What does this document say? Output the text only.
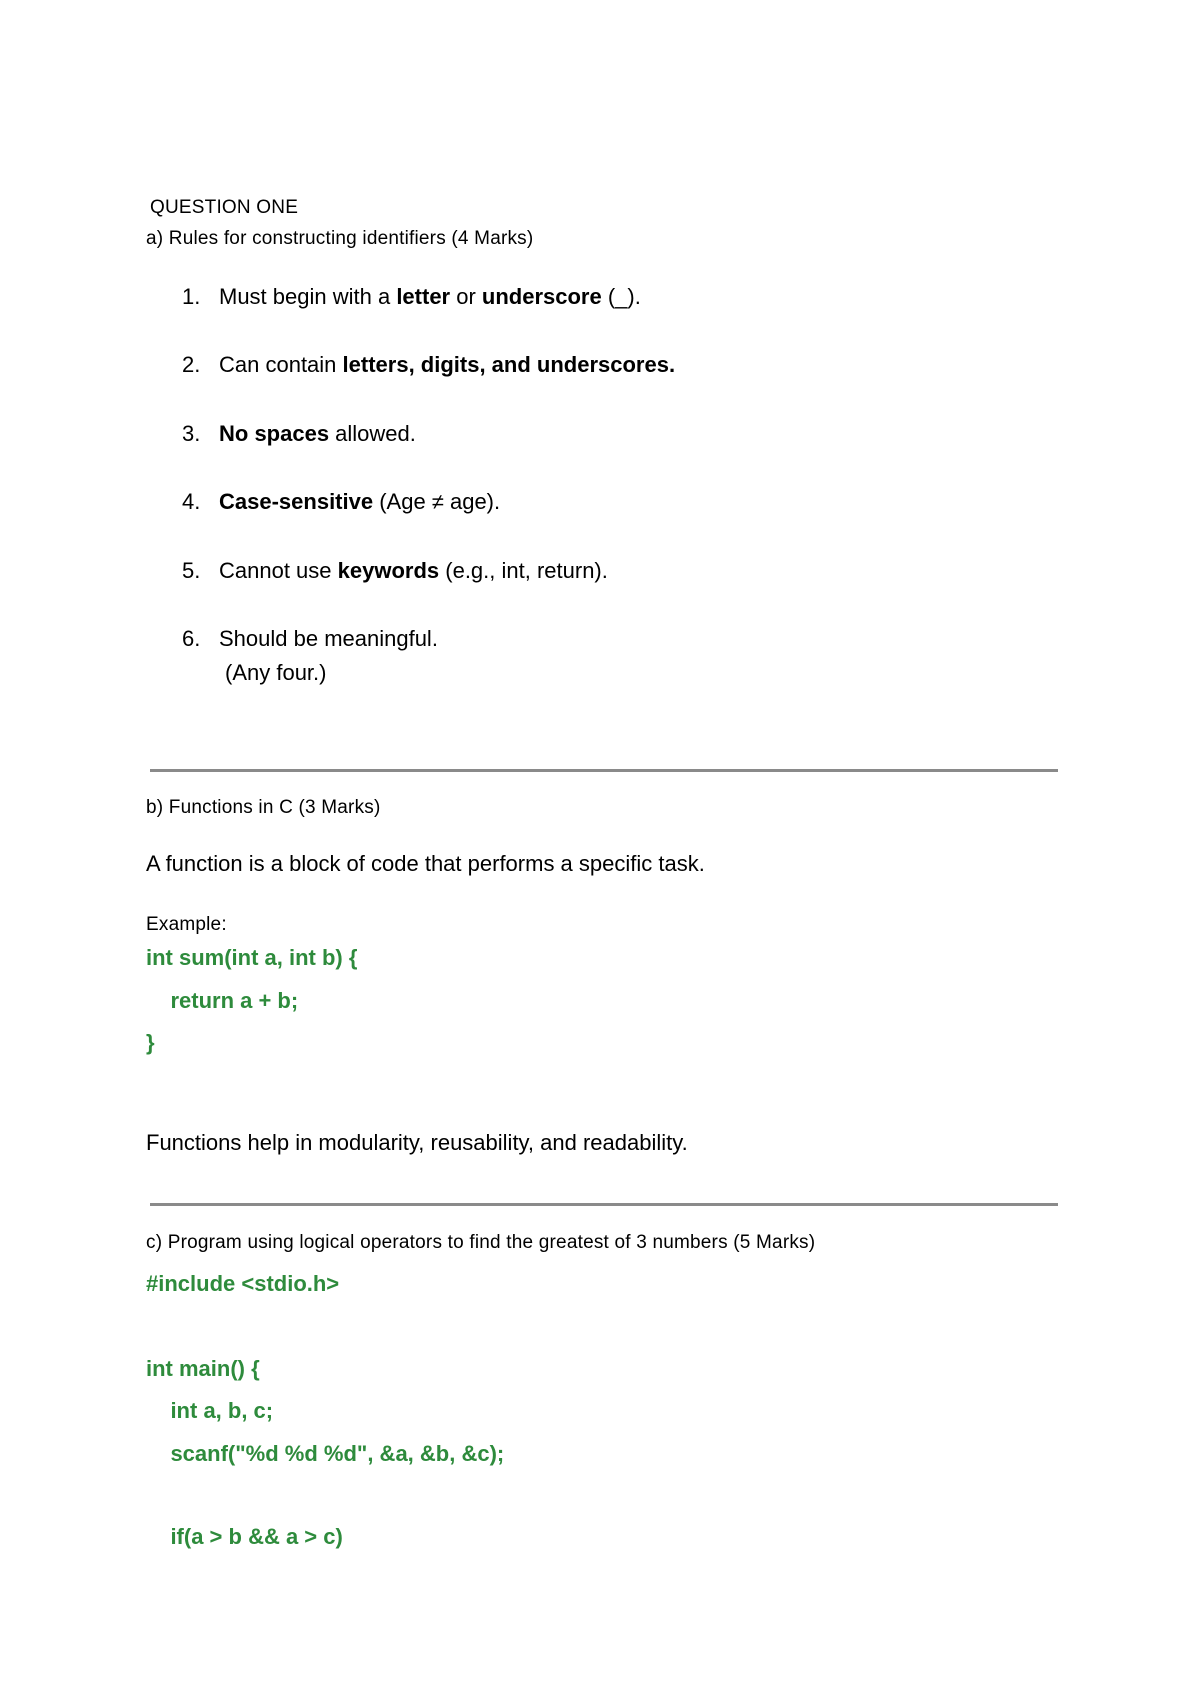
QUESTION ONE
a) Rules for constructing identifiers (4 Marks)
1. Must begin with a letter or underscore (_).
2. Can contain letters, digits, and underscores.
3. No spaces allowed.
4. Case-sensitive (Age ≠ age).
5. Cannot use keywords (e.g., int, return).
6. Should be meaningful.
(Any four.)
b) Functions in C (3 Marks)
A function is a block of code that performs a specific task.
Example:
int sum(int a, int b) {
return a + b;
}
Functions help in modularity, reusability, and readability.
c) Program using logical operators to find the greatest of 3 numbers (5 Marks)
#include <stdio.h>
int main() {
int a, b, c;
scanf("%d %d %d", &a, &b, &c);
if(a > b && a > c)
